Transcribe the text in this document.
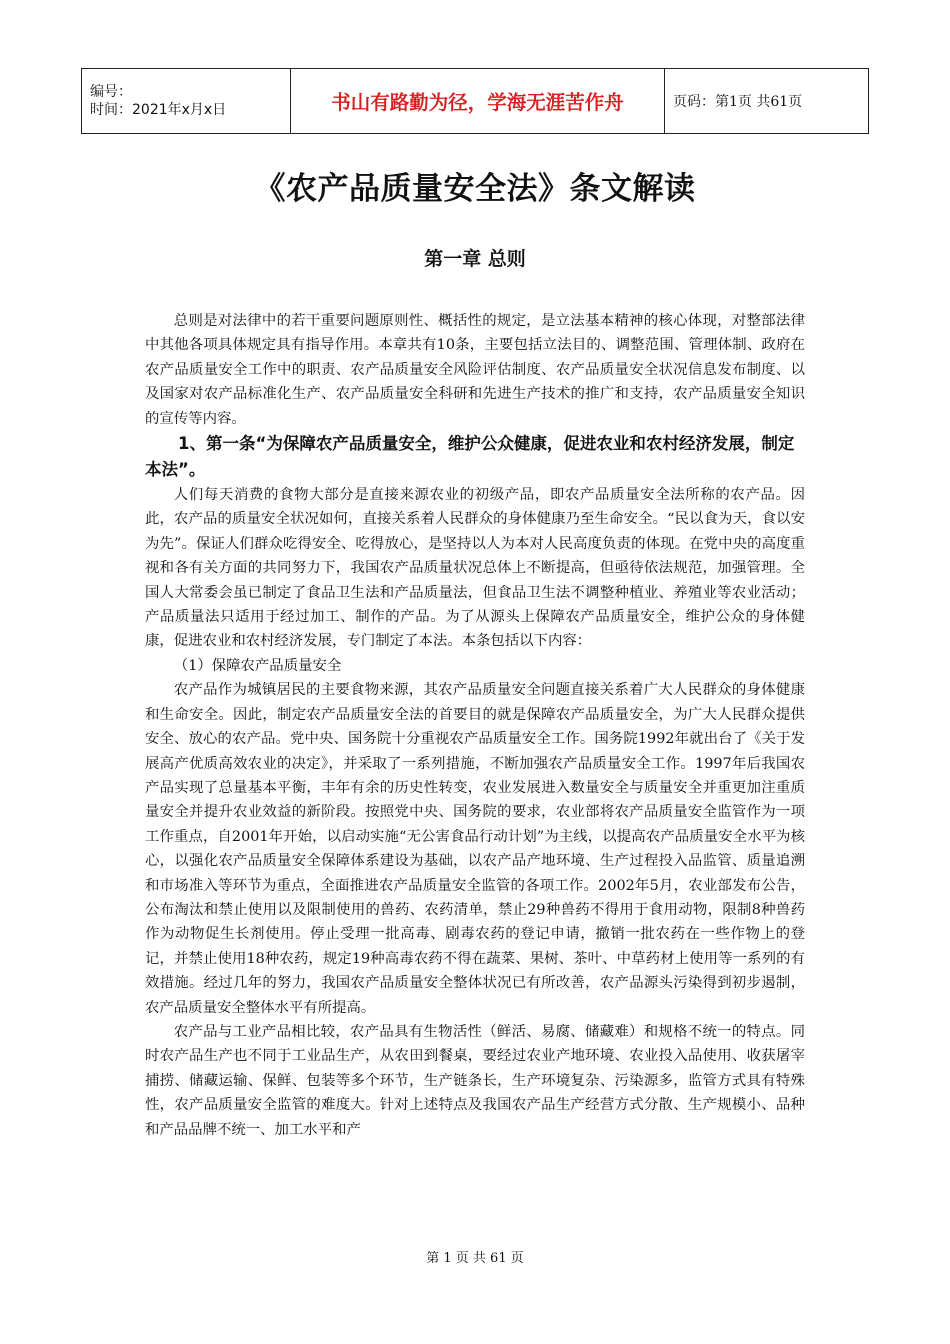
编号：
时间：2021年x月x日	书山有路勤为径，学海无涯苦作舟	页码：第1页 共61页
《农产品质量安全法》条文解读
第一章 总则

总则是对法律中的若干重要问题原则性、概括性的规定，是立法基本精神的核心体现，对整部法律中其他各项具体规定具有指导作用。本章共有10条，主要包括立法目的、调整范围、管理体制、政府在农产品质量安全工作中的职责、农产品质量安全风险评估制度、农产品质量安全状况信息发布制度、以及国家对农产品标准化生产、农产品质量安全科研和先进生产技术的推广和支持，农产品质量安全知识的宣传等内容。

1、第一条“为保障农产品质量安全，维护公众健康，促进农业和农村经济发展，制定本法”。

人们每天消费的食物大部分是直接来源农业的初级产品，即农产品质量安全法所称的农产品。因此，农产品的质量安全状况如何，直接关系着人民群众的身体健康乃至生命安全。“民以食为天，食以安为先”。保证人们群众吃得安全、吃得放心，是坚持以人为本对人民高度负责的体现。在党中央的高度重视和各有关方面的共同努力下，我国农产品质量状况总体上不断提高，但亟待依法规范，加强管理。全国人大常委会虽已制定了食品卫生法和产品质量法，但食品卫生法不调整种植业、养殖业等农业活动；产品质量法只适用于经过加工、制作的产品。为了从源头上保障农产品质量安全，维护公众的身体健康，促进农业和农村经济发展，专门制定了本法。本条包括以下内容：

（1）保障农产品质量安全

农产品作为城镇居民的主要食物来源，其农产品质量安全问题直接关系着广大人民群众的身体健康和生命安全。因此，制定农产品质量安全法的首要目的就是保障农产品质量安全，为广大人民群众提供安全、放心的农产品。党中央、国务院十分重视农产品质量安全工作。国务院1992年就出台了《关于发展高产优质高效农业的决定》，并采取了一系列措施，不断加强农产品质量安全工作。1997年后我国农产品实现了总量基本平衡，丰年有余的历史性转变，农业发展进入数量安全与质量安全并重更加注重质量安全并提升农业效益的新阶段。按照党中央、国务院的要求，农业部将农产品质量安全监管作为一项工作重点，自2001年开始，以启动实施“无公害食品行动计划”为主线，以提高农产品质量安全水平为核心，以强化农产品质量安全保障体系建设为基础，以农产品产地环境、生产过程投入品监管、质量追溯和市场准入等环节为重点，全面推进农产品质量安全监管的各项工作。2002年5月，农业部发布公告，公布淘汰和禁止使用以及限制使用的兽药、农药清单，禁止29种兽药不得用于食用动物，限制8种兽药作为动物促生长剂使用。停止受理一批高毒、剧毒农药的登记申请，撤销一批农药在一些作物上的登记，并禁止使用18种农药，规定19种高毒农药不得在蔬菜、果树、茶叶、中草药材上使用等一系列的有效措施。经过几年的努力，我国农产品质量安全整体状况已有所改善，农产品源头污染得到初步遏制，农产品质量安全整体水平有所提高。

农产品与工业产品相比较，农产品具有生物活性（鲜活、易腐、储藏难）和规格不统一的特点。同时农产品生产也不同于工业品生产，从农田到餐桌，要经过农业产地环境、农业投入品使用、收获屠宰捕捞、储藏运输、保鲜、包装等多个环节，生产链条长，生产环境复杂、污染源多，监管方式具有特殊性，农产品质量安全监管的难度大。针对上述特点及我国农产品生产经营方式分散、生产规模小、品种和产品品牌不统一、加工水平和产

第 1 页 共 61 页
